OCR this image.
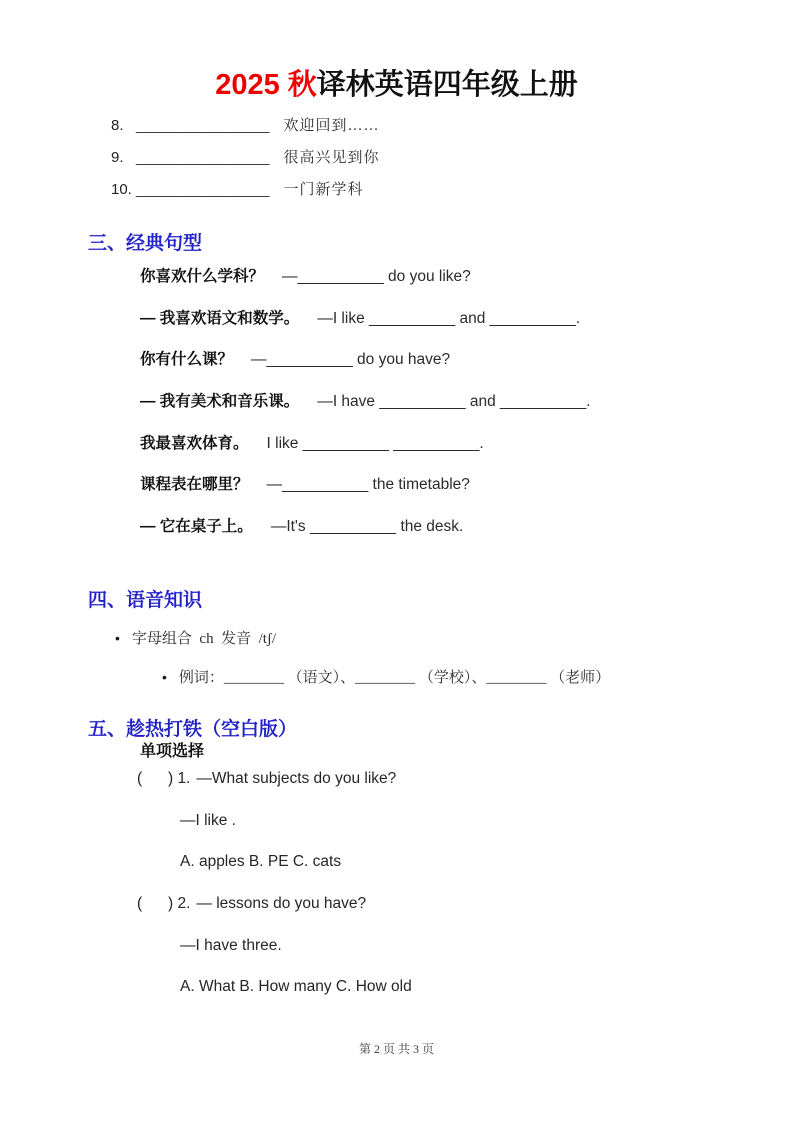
2025 秋译林英语四年级上册
8. ________________ 欢迎回到……
9. ________________ 很高兴见到你
10. ________________ 一门新学科
三、经典句型
你喜欢什么学科？ —__________ do you like?
— 我喜欢语文和数学。 —I like __________ and __________.
你有什么课？ —__________ do you have?
— 我有美术和音乐课。 —I have __________ and __________.
我最喜欢体育。 I like __________ __________.
课程表在哪里？ —__________ the timetable?
— 它在桌子上。 —It's __________ the desk.
四、语音知识
• 字母组合  ch  发音  /tʃ/
• 例词：________ （语文）、________ （学校）、________ （老师）
五、趁热打铁（空白版）
单项选择
(      ) 1. —What subjects do you like?
—I like .
A. apples B. PE C. cats
(      ) 2. — lessons do you have?
—I have three.
A. What B. How many C. How old
第 2 页 共 3 页
